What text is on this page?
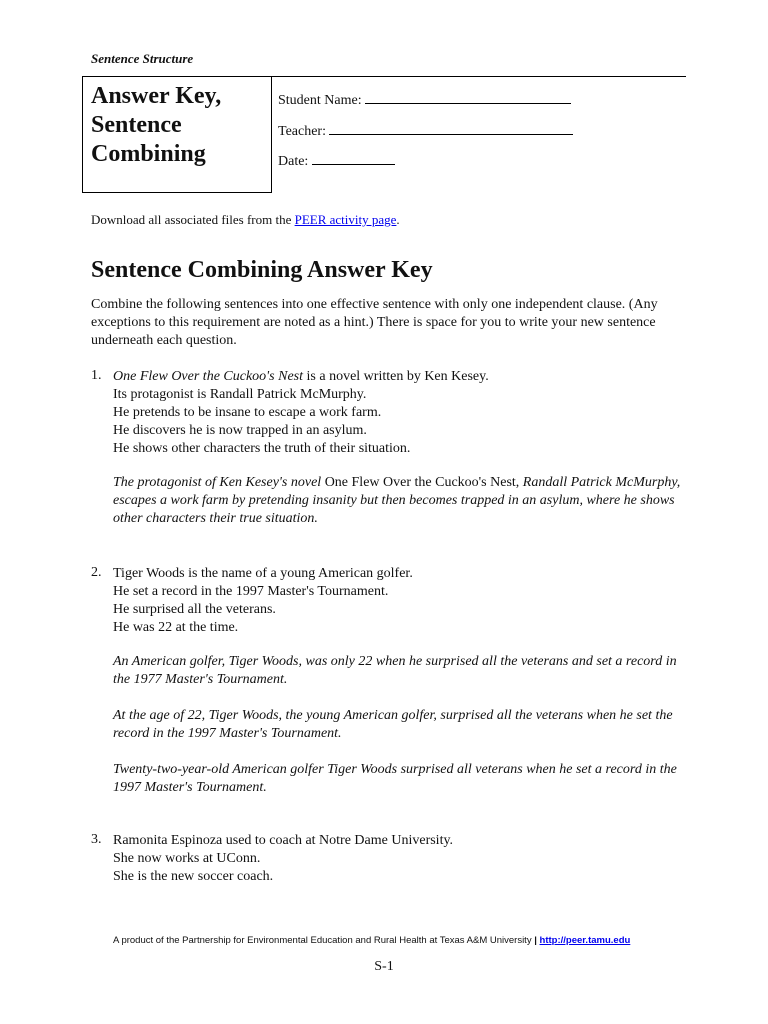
Sentence Structure
Answer Key,
Sentence
Combining
Student Name:
Teacher:
Date:
Download all associated files from the PEER activity page.
Sentence Combining Answer Key
Combine the following sentences into one effective sentence with only one independent clause. (Any exceptions to this requirement are noted as a hint.) There is space for you to write your new sentence underneath each question.
1. One Flew Over the Cuckoo's Nest is a novel written by Ken Kesey.
Its protagonist is Randall Patrick McMurphy.
He pretends to be insane to escape a work farm.
He discovers he is now trapped in an asylum.
He shows other characters the truth of their situation.
The protagonist of Ken Kesey's novel One Flew Over the Cuckoo's Nest, Randall Patrick McMurphy, escapes a work farm by pretending insanity but then becomes trapped in an asylum, where he shows other characters their true situation.
2. Tiger Woods is the name of a young American golfer.
He set a record in the 1997 Master's Tournament.
He surprised all the veterans.
He was 22 at the time.
An American golfer, Tiger Woods, was only 22 when he surprised all the veterans and set a record in the 1977 Master's Tournament.
At the age of 22, Tiger Woods, the young American golfer, surprised all the veterans when he set the record in the 1997 Master's Tournament.
Twenty-two-year-old American golfer Tiger Woods surprised all veterans when he set a record in the 1997 Master's Tournament.
3. Ramonita Espinoza used to coach at Notre Dame University.
She now works at UConn.
She is the new soccer coach.
A product of the Partnership for Environmental Education and Rural Health at Texas A&M University | http://peer.tamu.edu
S-1
